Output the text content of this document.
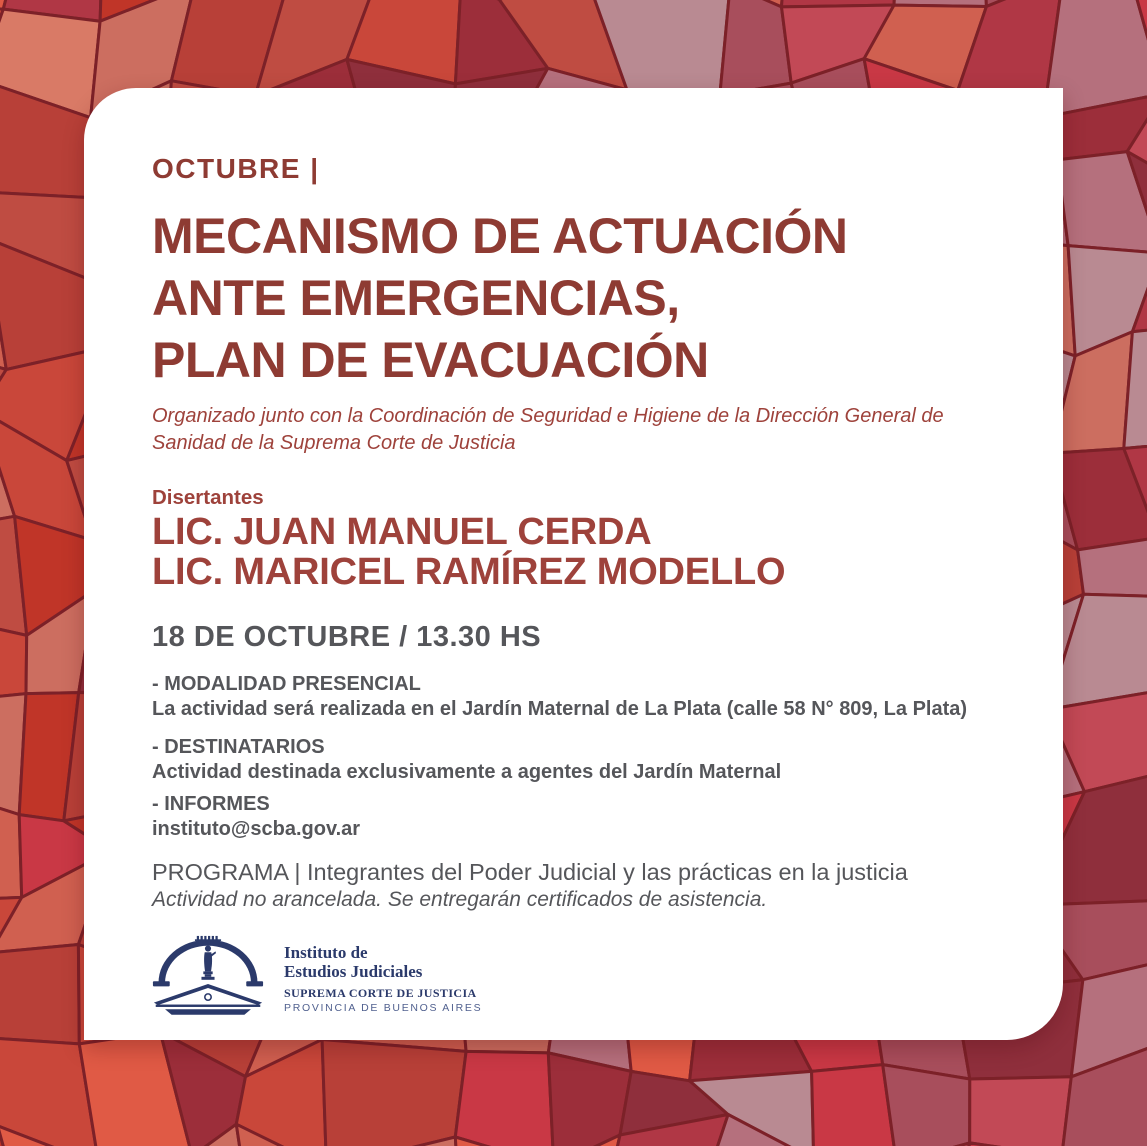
OCTUBRE |
MECANISMO DE ACTUACIÓN
ANTE EMERGENCIAS,
PLAN DE EVACUACIÓN
Organizado junto con la Coordinación de Seguridad e Higiene de la Dirección General de
Sanidad de la Suprema Corte de Justicia
Disertantes
LIC. JUAN MANUEL CERDA
LIC. MARICEL RAMÍREZ MODELLO
18 DE OCTUBRE / 13.30 HS
- MODALIDAD PRESENCIAL
La actividad será realizada en el Jardín Maternal de La Plata (calle 58 N° 809, La Plata)
- DESTINATARIOS
Actividad destinada exclusivamente a agentes del Jardín Maternal
- INFORMES
instituto@scba.gov.ar
PROGRAMA | Integrantes del Poder Judicial y las prácticas en la justicia
Actividad no arancelada. Se entregarán certificados de asistencia.
Instituto de
Estudios Judiciales
SUPREMA CORTE DE JUSTICIA
PROVINCIA DE BUENOS AIRES
